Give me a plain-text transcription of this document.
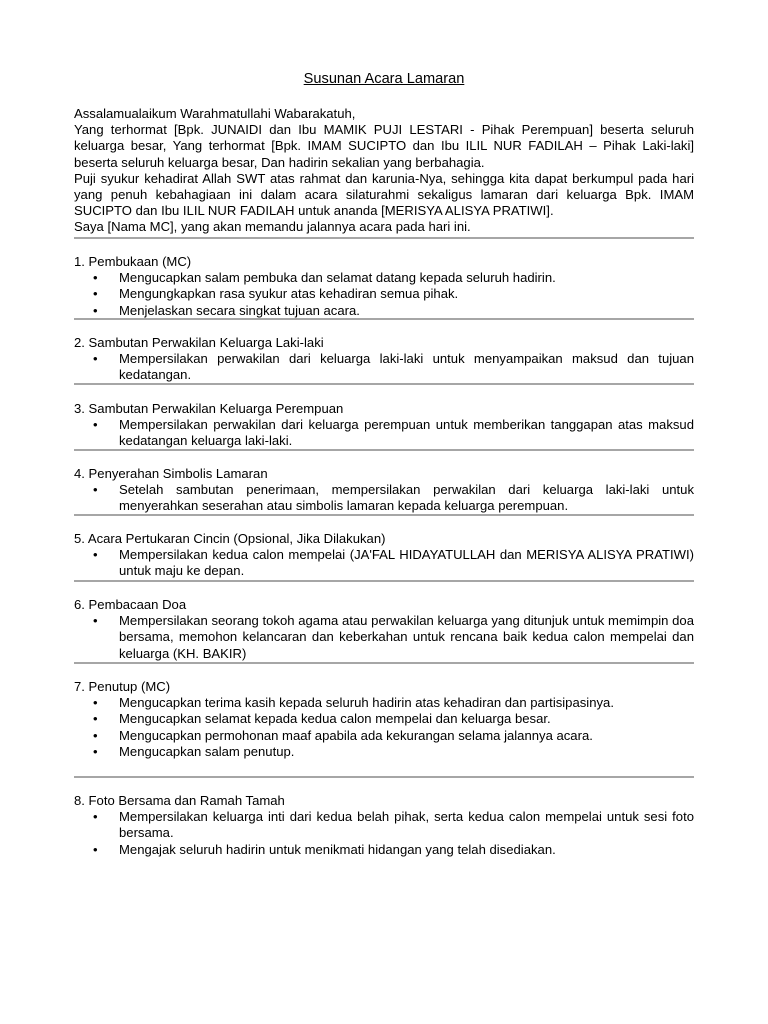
Susunan Acara Lamaran

Assalamualaikum Warahmatullahi Wabarakatuh,

Yang terhormat [Bpk. JUNAIDI dan Ibu MAMIK PUJI LESTARI - Pihak Perempuan] beserta seluruh keluarga besar, Yang terhormat [Bpk. IMAM SUCIPTO dan Ibu ILIL NUR FADILAH – Pihak Laki-laki] beserta seluruh keluarga besar, Dan hadirin sekalian yang berbahagia.

Puji syukur kehadirat Allah SWT atas rahmat dan karunia-Nya, sehingga kita dapat berkumpul pada hari yang penuh kebahagiaan ini dalam acara silaturahmi sekaligus lamaran dari keluarga Bpk. IMAM SUCIPTO dan Ibu ILIL NUR FADILAH untuk ananda [MERISYA ALISYA PRATIWI].

Saya [Nama MC], yang akan memandu jalannya acara pada hari ini.

1. Pembukaan (MC)

• Mengucapkan salam pembuka dan selamat datang kepada seluruh hadirin.
• Mengungkapkan rasa syukur atas kehadiran semua pihak.
• Menjelaskan secara singkat tujuan acara.

2. Sambutan Perwakilan Keluarga Laki-laki

• Mempersilakan perwakilan dari keluarga laki-laki untuk menyampaikan maksud dan tujuan kedatangan.

3. Sambutan Perwakilan Keluarga Perempuan

• Mempersilakan perwakilan dari keluarga perempuan untuk memberikan tanggapan atas maksud kedatangan keluarga laki-laki.

4. Penyerahan Simbolis Lamaran

• Setelah sambutan penerimaan, mempersilakan perwakilan dari keluarga laki-laki untuk menyerahkan seserahan atau simbolis lamaran kepada keluarga perempuan.

5. Acara Pertukaran Cincin (Opsional, Jika Dilakukan)

• Mempersilakan kedua calon mempelai (JA'FAL HIDAYATULLAH dan MERISYA ALISYA PRATIWI) untuk maju ke depan.

6. Pembacaan Doa

• Mempersilakan seorang tokoh agama atau perwakilan keluarga yang ditunjuk untuk memimpin doa bersama, memohon kelancaran dan keberkahan untuk rencana baik kedua calon mempelai dan keluarga (KH. BAKIR)

7. Penutup (MC)

• Mengucapkan terima kasih kepada seluruh hadirin atas kehadiran dan partisipasinya.
• Mengucapkan selamat kepada kedua calon mempelai dan keluarga besar.
• Mengucapkan permohonan maaf apabila ada kekurangan selama jalannya acara.
• Mengucapkan salam penutup.

8. Foto Bersama dan Ramah Tamah

• Mempersilakan keluarga inti dari kedua belah pihak, serta kedua calon mempelai untuk sesi foto bersama.
• Mengajak seluruh hadirin untuk menikmati hidangan yang telah disediakan.
